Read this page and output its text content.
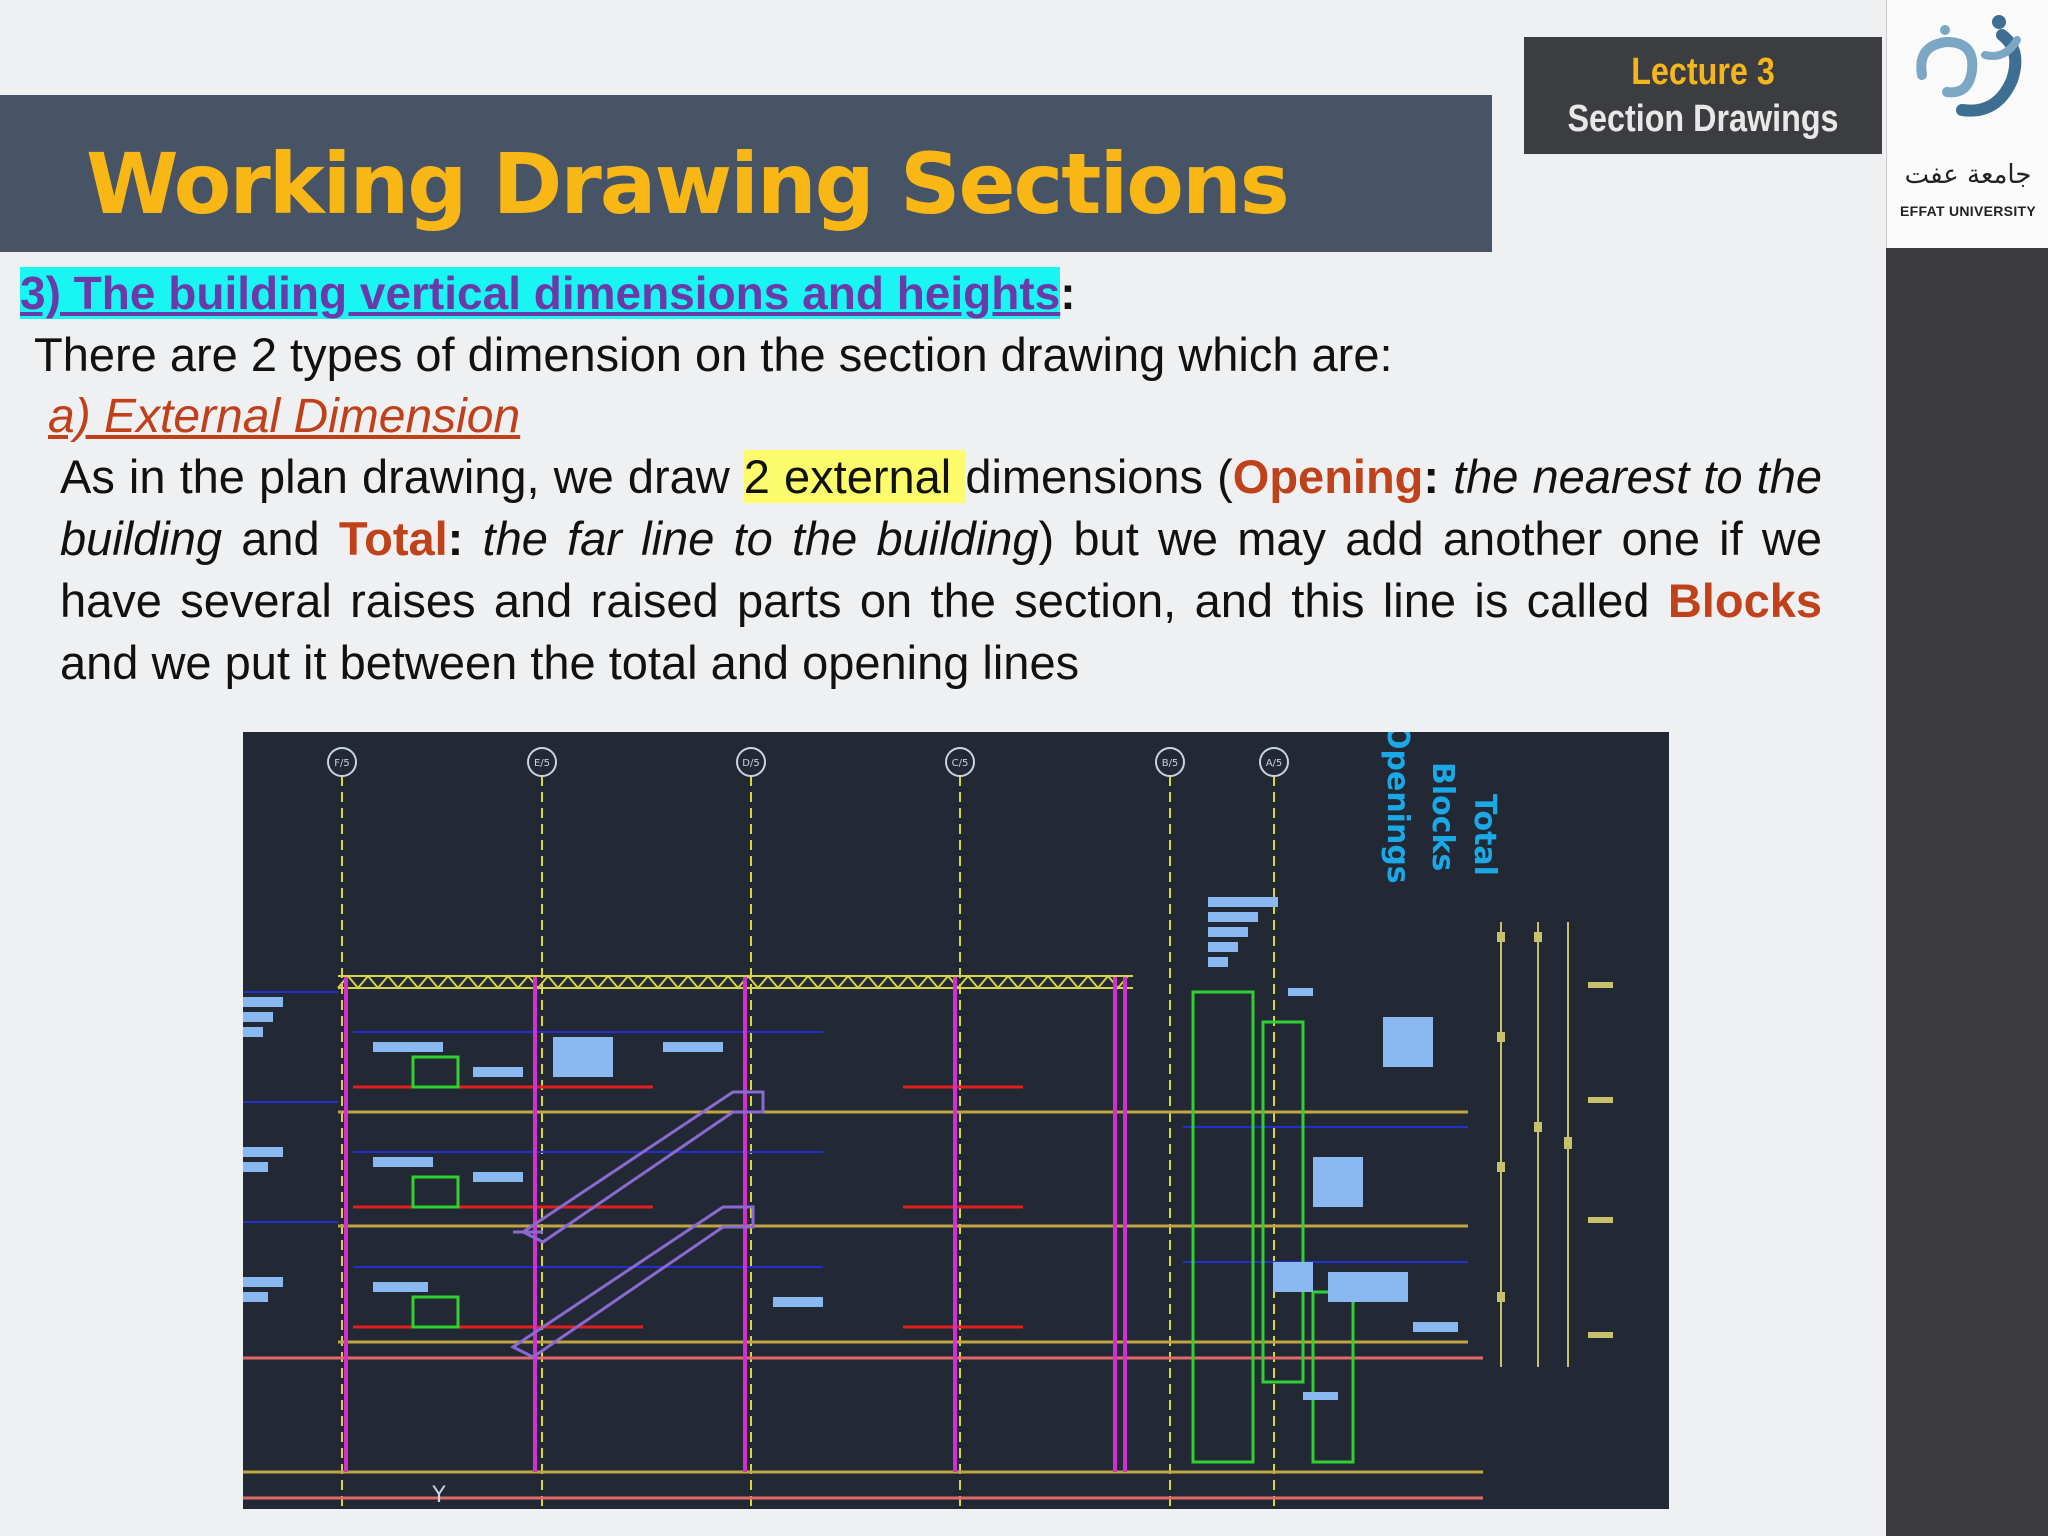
جامعة عفت
EFFAT UNIVERSITY
Lecture 3
Section Drawings
Working Drawing Sections
3) The building vertical dimensions and heights:
There are 2 types of dimension on the section drawing which are:
a) External Dimension
As in the plan drawing, we draw 2 external dimensions (Opening: the nearest to the building and Total: the far line to the building) but we may add another one if we have several raises and raised parts on the section, and this line is called Blocks and we put it between the total and opening lines
F/5	E/5	D/5	C/5	B/5	A/5	Openings Blocks Total
Y
